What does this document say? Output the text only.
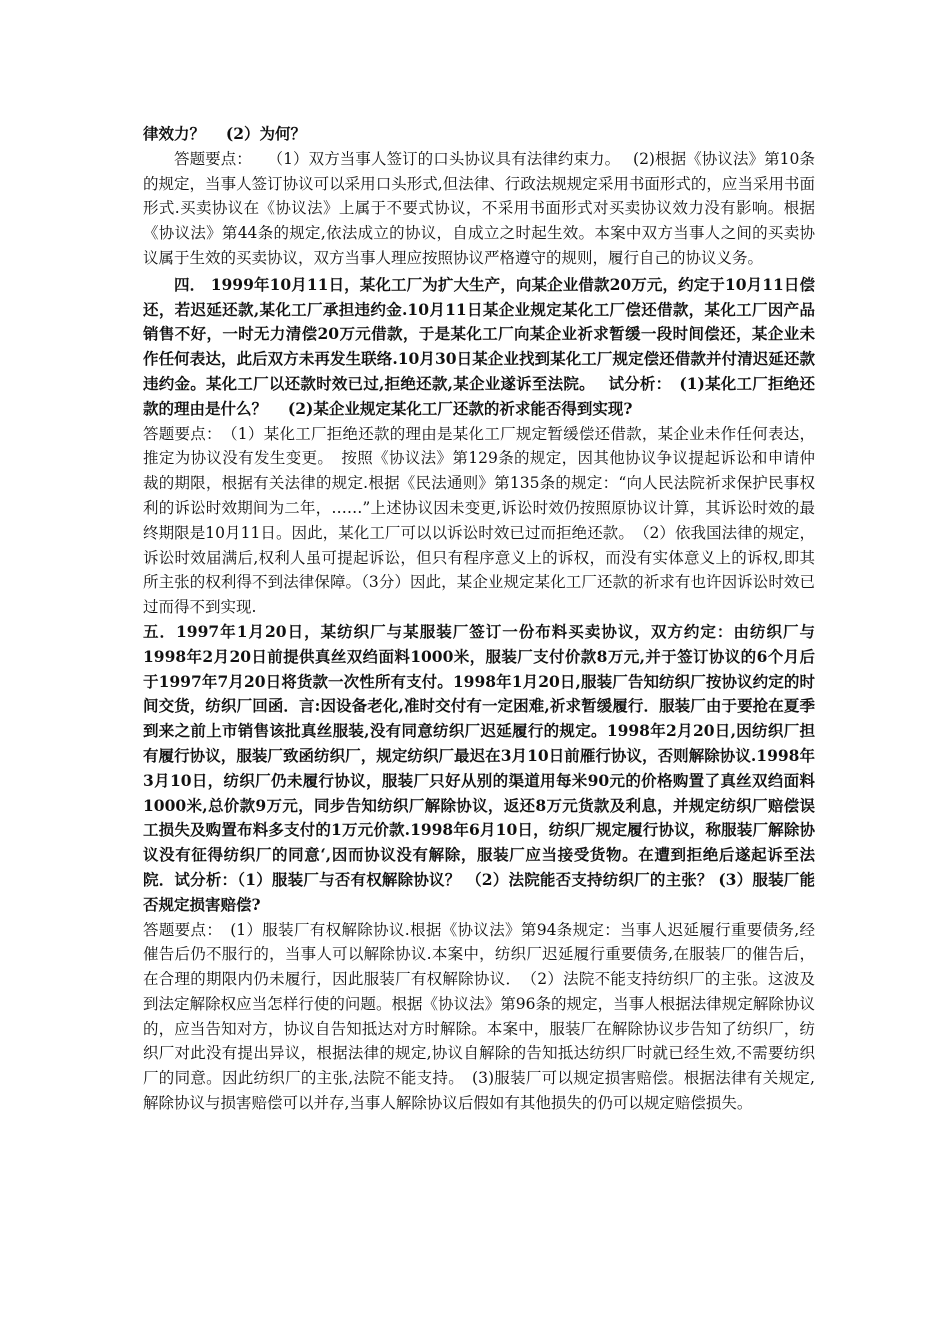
律效力？　 (2）为何？

答题要点：　　（1）双方当事人签订的口头协议具有法律约束力。　 (2)根据《协议法》第10条的规定，当事人签订协议可以采用口头形式,但法律、行政法规规定采用书面形式的，应当采用书面形式.买卖协议在《协议法》上属于不要式协议，不采用书面形式对买卖协议效力没有影响。根据《协议法》第44条的规定,依法成立的协议，自成立之时起生效。本案中双方当事人之间的买卖协议属于生效的买卖协议，双方当事人理应按照协议严格遵守的规则，履行自己的协议义务。

四． 1999年10月11日，某化工厂为扩大生产，向某企业借款20万元，约定于10月11日偿还，若迟延还款,某化工厂承担违约金.10月11日某企业规定某化工厂偿还借款，某化工厂因产品销售不好，一时无力清偿20万元借款，于是某化工厂向某企业祈求暂缓一段时间偿还，某企业未作任何表达，此后双方未再发生联络.10月30日某企业找到某化工厂规定偿还借款并付清迟延还款违约金。某化工厂以还款时效已过,拒绝还款,某企业遂诉至法院。　 试分析：　(1)某化工厂拒绝还款的理由是什么？　 (2)某企业规定某化工厂还款的祈求能否得到实现?

答题要点：　（1）某化工厂拒绝还款的理由是某化工厂规定暂缓偿还借款，某企业未作任何表达，推定为协议没有发生变更。　按照《协议法》第129条的规定，因其他协议争议提起诉讼和申请仲裁的期限，根据有关法律的规定.根据《民法通则》第135条的规定：“向人民法院祈求保护民事权利的诉讼时效期间为二年，……”上述协议因未变更,诉讼时效仍按照原协议计算，其诉讼时效的最终期限是10月11日。因此，某化工厂可以以诉讼时效已过而拒绝还款。　（2）依我国法律的规定，诉讼时效届满后,权利人虽可提起诉讼，但只有程序意义上的诉权，而没有实体意义上的诉权,即其所主张的权利得不到法律保障。（3分）因此，某企业规定某化工厂还款的祈求有也许因诉讼时效已过而得不到实现.

五．1997年1月20日，某纺织厂与某服装厂签订一份布料买卖协议，双方约定：由纺织厂与1998年2月20日前提供真丝双绉面料1000米，服装厂支付价款8万元,并于签订协议的6个月后于1997年7月20日将货款一次性所有支付。1998年1月20日,服装厂告知纺织厂按协议约定的时间交货，纺织厂回函．言:因设备老化,准时交付有一定困难,祈求暂缓履行．服装厂由于要抢在夏季到来之前上市销售该批真丝服装,没有同意纺织厂迟延履行的规定。1998年2月20日,因纺织厂担有履行协议，服装厂致函纺织厂，规定纺织厂最迟在3月10日前雁行协议，否则解除协议.1998年3月10日，纺织厂仍未履行协议，服装厂只好从别的渠道用每米90元的价格购置了真丝双绉面料1000米,总价款9万元，同步告知纺织厂解除协议，返还8万元货款及利息，并规定纺织厂赔偿误工损失及购置布料多支付的1万元价款.1998年6月10日，纺织厂规定履行协议，称服装厂解除协议没有征得纺织厂的同意‘,因而协议没有解除，服装厂应当接受货物。在遭到拒绝后遂起诉至法院．试分析：（1）服装厂与否有权解除协议？ （2）法院能否支持纺织厂的主张？ (3）服装厂能否规定损害赔偿?

答题要点：　(1）服装厂有权解除协议.根据《协议法》第94条规定：当事人迟延履行重要债务,经催告后仍不服行的，当事人可以解除协议.本案中，纺织厂迟延履行重要债务,在服装厂的催告后，在合理的期限内仍未履行，因此服装厂有权解除协议．　（2）法院不能支持纺织厂的主张。这波及到法定解除权应当怎样行使的问题。根据《协议法》第96条的规定，当事人根据法律规定解除协议的，应当告知对方，协议自告知抵达对方时解除。本案中，服装厂在解除协议步告知了纺织厂，纺织厂对此没有提出异议，根据法律的规定,协议自解除的告知抵达纺织厂时就已经生效,不需要纺织厂的同意。因此纺织厂的主张,法院不能支持。　(3)服装厂可以规定损害赔偿。根据法律有关规定,解除协议与损害赔偿可以并存,当事人解除协议后假如有其他损失的仍可以规定赔偿损失。
